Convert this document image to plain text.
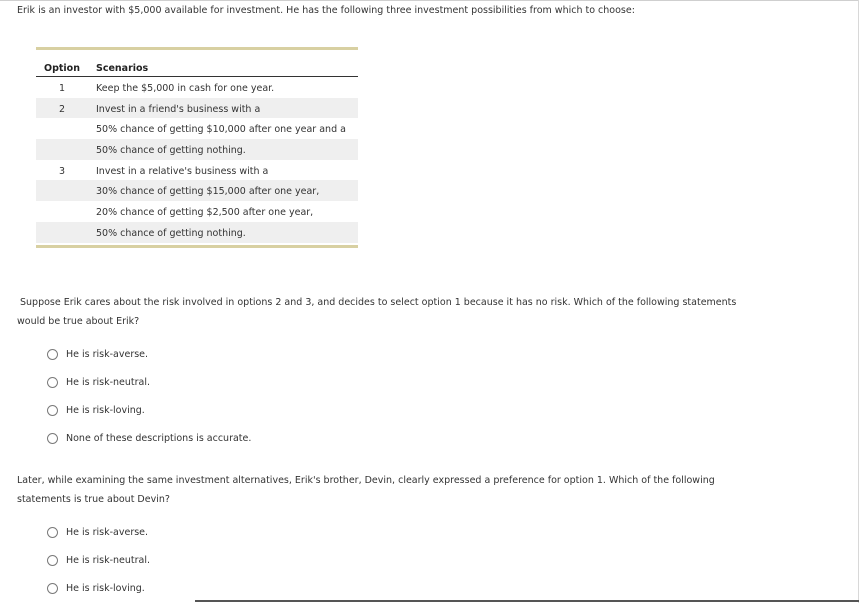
Erik is an investor with $5,000 available for investment. He has the following three investment possibilities from which to choose:
Option Scenarios
1	Keep the $5,000 in cash for one year.
2	Invest in a friend's business with a
50% chance of getting $10,000 after one year and a
50% chance of getting nothing.
3	Invest in a relative's business with a
30% chance of getting $15,000 after one year,
20% chance of getting $2,500 after one year,
50% chance of getting nothing.
Suppose Erik cares about the risk involved in options 2 and 3, and decides to select option 1 because it has no risk. Which of the following statements
would be true about Erik?
He is risk-averse.
He is risk-neutral.
He is risk-loving.
None of these descriptions is accurate.
Later, while examining the same investment alternatives, Erik's brother, Devin, clearly expressed a preference for option 1. Which of the following
statements is true about Devin?
He is risk-averse.
He is risk-neutral.
He is risk-loving.
